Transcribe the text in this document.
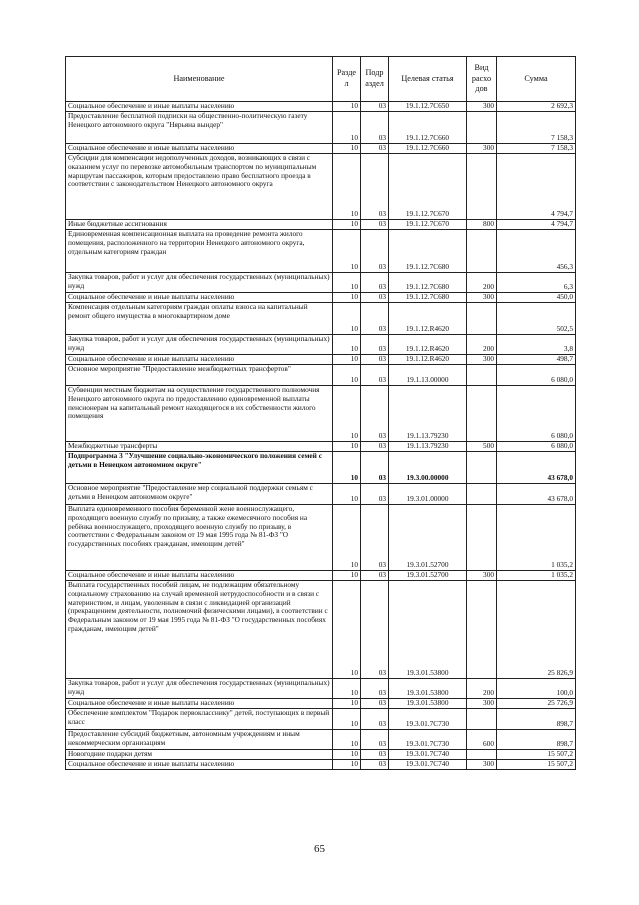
Наименование	Разде л	Подр аздел	Целевая статья	Вид расхо дов	Сумма
Социальное обеспечение и иные выплаты населению	10	03	19.1.12.7С650	300	2 692,3
Предоставление бесплатной подписки на общественно-политическую газету Ненецкого автономного округа "Нярьяна вындер"	10	03	19.1.12.7С660		7 158,3
Социальное обеспечение и иные выплаты населению	10	03	19.1.12.7С660	300	7 158,3
Субсидии для компенсации недополученных доходов, возникающих в связи с оказанием услуг по перевозке автомобильным транспортом по муниципальным маршрутам пассажиров, которым предоставлено право бесплатного проезда в соответствии с законодательством Ненецкого автономного округа	10	03	19.1.12.7С670		4 794,7
Иные бюджетные ассигнования	10	03	19.1.12.7С670	800	4 794,7
Единовременная компенсационная выплата на проведение ремонта жилого помещения, расположенного на территории Ненецкого автономного округа, отдельным категориям граждан	10	03	19.1.12.7С680		456,3
Закупка товаров, работ и услуг для обеспечения государственных (муниципальных) нужд	10	03	19.1.12.7С680	200	6,3
Социальное обеспечение и иные выплаты населению	10	03	19.1.12.7С680	300	450,0
Компенсация отдельным категориям граждан оплаты взноса на капитальный ремонт общего имущества в многоквартирном доме	10	03	19.1.12.R4620		502,5
Закупка товаров, работ и услуг для обеспечения государственных (муниципальных) нужд	10	03	19.1.12.R4620	200	3,8
Социальное обеспечение и иные выплаты населению	10	03	19.1.12.R4620	300	498,7
Основное мероприятие "Предоставление межбюджетных трансфертов"	10	03	19.1.13.00000		6 080,0
Субвенции местным бюджетам на осуществление государственного полномочия Ненецкого автономного округа по предоставлению единовременной выплаты пенсионерам на капитальный ремонт находящегося в их собственности жилого помещения	10	03	19.1.13.79230		6 080,0
Межбюджетные трансферты	10	03	19.1.13.79230	500	6 080,0
Подпрограмма 3 "Улучшение социально-экономического положения семей с детьми в Ненецком автономном округе"	10	03	19.3.00.00000		43 678,0
Основное мероприятие "Предоставление мер социальной поддержки семьям с детьми в Ненецком автономном округе"	10	03	19.3.01.00000		43 678,0
Выплата единовременного пособия беременной жене военнослужащего, проходящего военную службу по призыву, а также ежемесячного пособия на ребёнка военнослужащего, проходящего военную службу по призыву, в соответствии с Федеральным законом от 19 мая 1995 года № 81-ФЗ "О государственных пособиях гражданам, имеющим детей"	10	03	19.3.01.52700		1 035,2
Социальное обеспечение и иные выплаты населению	10	03	19.3.01.52700	300	1 035,2
Выплата государственных пособий лицам, не подлежащим обязательному социальному страхованию на случай временной нетрудоспособности и в связи с материнством, и лицам, уволенным в связи с ликвидацией организаций (прекращением деятельности, полномочий физическими лицами), в соответствии с Федеральным законом от 19 мая 1995 года № 81-ФЗ "О государственных пособиях гражданам, имеющим детей"	10	03	19.3.01.53800		25 826,9
Закупка товаров, работ и услуг для обеспечения государственных (муниципальных) нужд	10	03	19.3.01.53800	200	100,0
Социальное обеспечение и иные выплаты населению	10	03	19.3.01.53800	300	25 726,9
Обеспечение комплектом "Подарок первокласснику" детей, поступающих в первый класс	10	03	19.3.01.7С730		898,7
Предоставление субсидий бюджетным, автономным учреждениям и иным некоммерческим организациям	10	03	19.3.01.7С730	600	898,7
Новогодние подарки детям	10	03	19.3.01.7С740		15 507,2
Социальное обеспечение и иные выплаты населению	10	03	19.3.01.7С740	300	15 507,2
65
